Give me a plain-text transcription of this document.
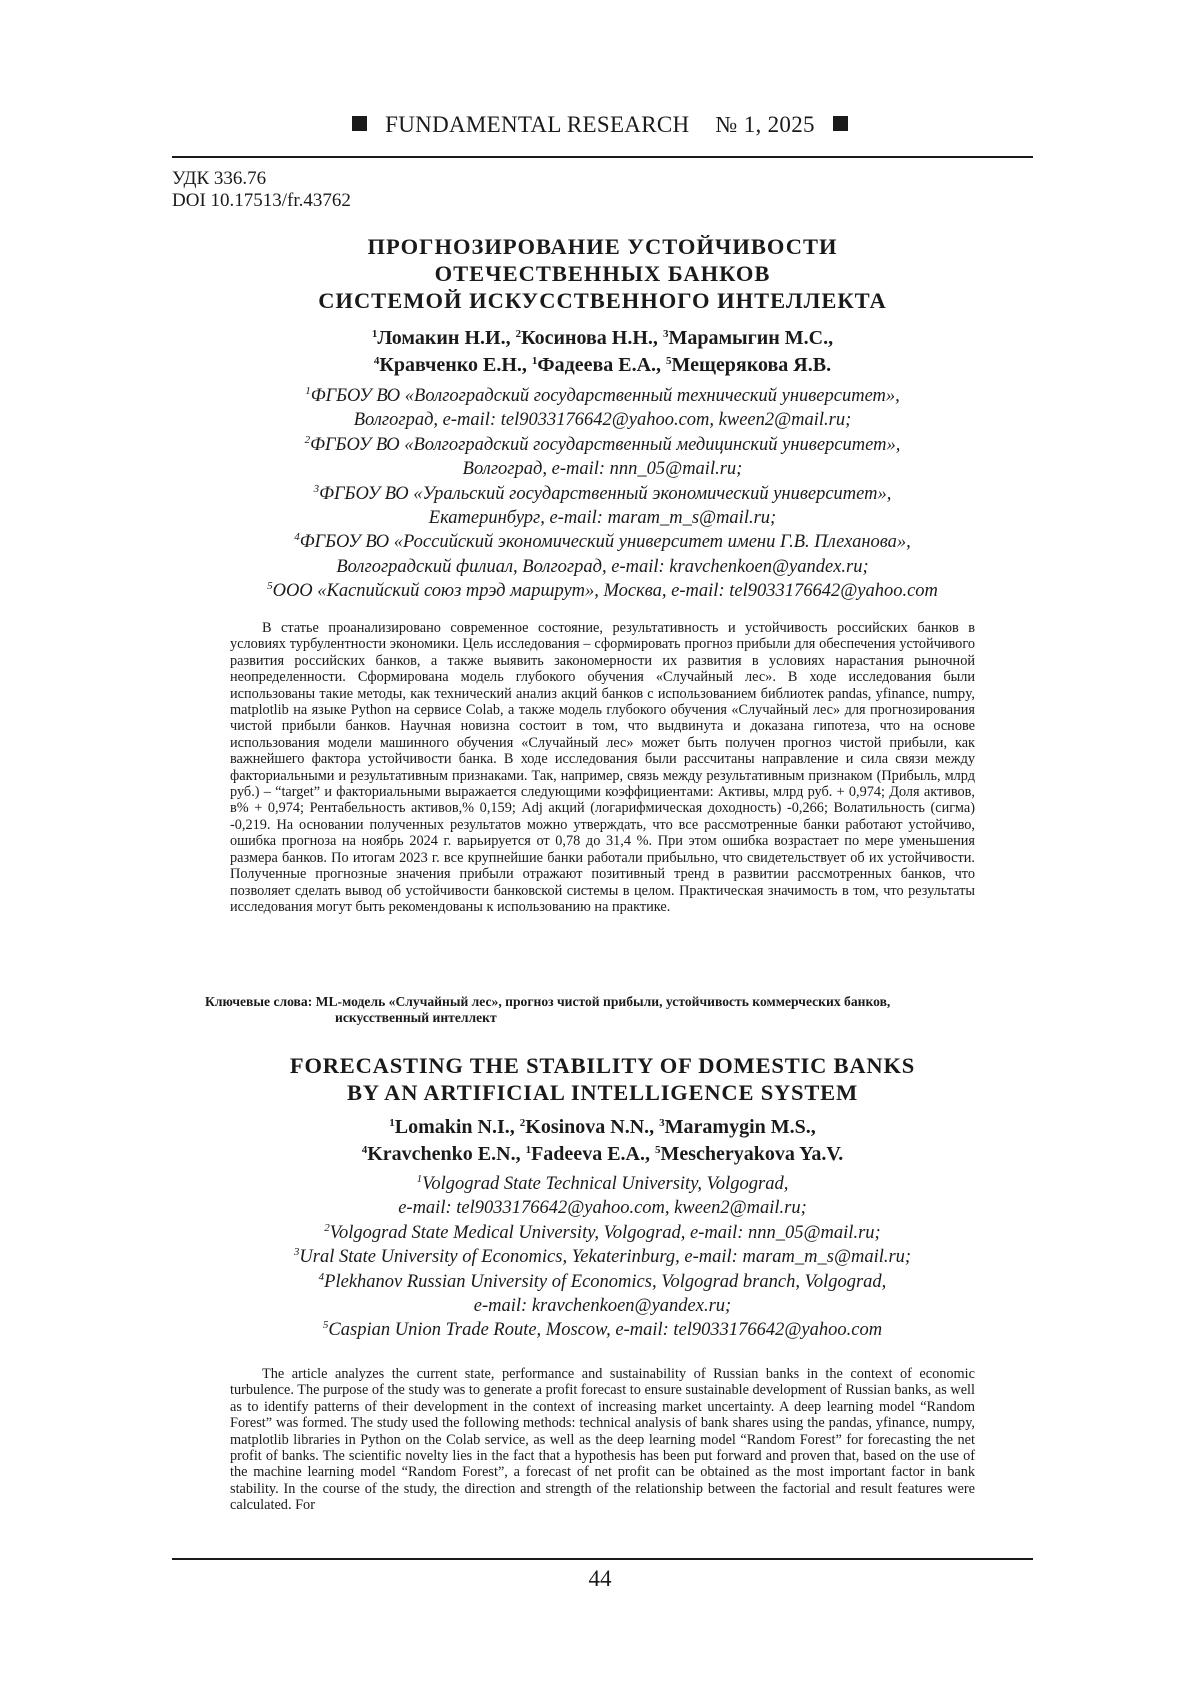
FUNDAMENTAL RESEARCH № 1, 2025
УДК 336.76
DOI 10.17513/fr.43762
ПРОГНОЗИРОВАНИЕ УСТОЙЧИВОСТИ
ОТЕЧЕСТВЕННЫХ БАНКОВ
СИСТЕМОЙ ИСКУССТВЕННОГО ИНТЕЛЛЕКТА
$^1$Ломакин Н.И., $^2$Косинова Н.Н., $^3$Марамыгин М.С.,
$^4$Кравченко Е.Н., $^1$Фадеева Е.А., $^5$Мещерякова Я.В.
$^1$ФГБОУ ВО «Волгоградский государственный технический университет»,
Волгоград, e-mail: tel9033176642@yahoo.com, kween2@mail.ru;
$^2$ФГБОУ ВО «Волгоградский государственный медицинский университет»,
Волгоград, e-mail: nnn_05@mail.ru;
$^3$ФГБОУ ВО «Уральский государственный экономический университет»,
Екатеринбург, e-mail: maram_m_s@mail.ru;
$^4$ФГБОУ ВО «Российский экономический университет имени Г.В. Плеханова»,
Волгоградский филиал, Волгоград, e-mail: kravchenkoen@yandex.ru;
$^5$ООО «Каспийский союз трэд маршрут», Москва, e-mail: tel9033176642@yahoo.com

В статье проанализировано современное состояние, результативность и устойчивость российских банков в условиях турбулентности экономики. Цель исследования – сформировать прогноз прибыли для обеспечения устойчивого развития российских банков, а также выявить закономерности их развития в условиях нарастания рыночной неопределенности. Сформирована модель глубокого обучения «Случайный лес». В ходе исследования были использованы такие методы, как технический анализ акций банков с использованием библиотек pandas, yfinance, numpy, matplotlib на языке Python на сервисе Colab, а также модель глубокого обучения «Случайный лес» для прогнозирования чистой прибыли банков. Научная новизна состоит в том, что выдвинута и доказана гипотеза, что на основе использования модели машинного обучения «Случайный лес» может быть получен прогноз чистой прибыли, как важнейшего фактора устойчивости банка. В ходе исследования были рассчитаны направление и сила связи между факториальными и результативным признаками. Так, например, связь между результативным признаком (Прибыль, млрд руб.) – “target” и факториальными выражается следующими коэффициентами: Активы, млрд руб. + 0,974; Доля активов, в% + 0,974; Рентабельность активов,% 0,159; Adj акций (логарифмическая доходность) -0,266; Волатильность (сигма) -0,219. На основании полученных результатов можно утверждать, что все рассмотренные банки работают устойчиво, ошибка прогноза на ноябрь 2024 г. варьируется от 0,78 до 31,4 %. При этом ошибка возрастает по мере уменьшения размера банков. По итогам 2023 г. все крупнейшие банки работали прибыльно, что свидетельствует об их устойчивости. Полученные прогнозные значения прибыли отражают позитивный тренд в развитии рассмотренных банков, что позволяет сделать вывод об устойчивости банковской системы в целом. Практическая значимость в том, что результаты исследования могут быть рекомендованы к использованию на практике.

Ключевые слова: ML-модель «Случайный лес», прогноз чистой прибыли, устойчивость коммерческих банков,
искусственный интеллект
FORECASTING THE STABILITY OF DOMESTIC BANKS
BY AN ARTIFICIAL INTELLIGENCE SYSTEM
$^1$Lomakin N.I., $^2$Kosinova N.N., $^3$Maramygin M.S.,
$^4$Kravchenko E.N., $^1$Fadeeva E.A., $^5$Mescheryakova Ya.V.
$^1$Volgograd State Technical University, Volgograd,
e-mail: tel9033176642@yahoo.com, kween2@mail.ru;
$^2$Volgograd State Medical University, Volgograd, e-mail: nnn_05@mail.ru;
$^3$Ural State University of Economics, Yekaterinburg, e-mail: maram_m_s@mail.ru;
$^4$Plekhanov Russian University of Economics, Volgograd branch, Volgograd,
e-mail: kravchenkoen@yandex.ru;
$^5$Caspian Union Trade Route, Moscow, e-mail: tel9033176642@yahoo.com

The article analyzes the current state, performance and sustainability of Russian banks in the context of economic turbulence. The purpose of the study was to generate a profit forecast to ensure sustainable development of Russian banks, as well as to identify patterns of their development in the context of increasing market uncertainty. A deep learning model “Random Forest” was formed. The study used the following methods: technical analysis of bank shares using the pandas, yfinance, numpy, matplotlib libraries in Python on the Colab service, as well as the deep learning model “Random Forest” for forecasting the net profit of banks. The scientific novelty lies in the fact that a hypothesis has been put forward and proven that, based on the use of the machine learning model “Random Forest”, a forecast of net profit can be obtained as the most important factor in bank stability. In the course of the study, the direction and strength of the relationship between the factorial and result features were calculated. For

44
